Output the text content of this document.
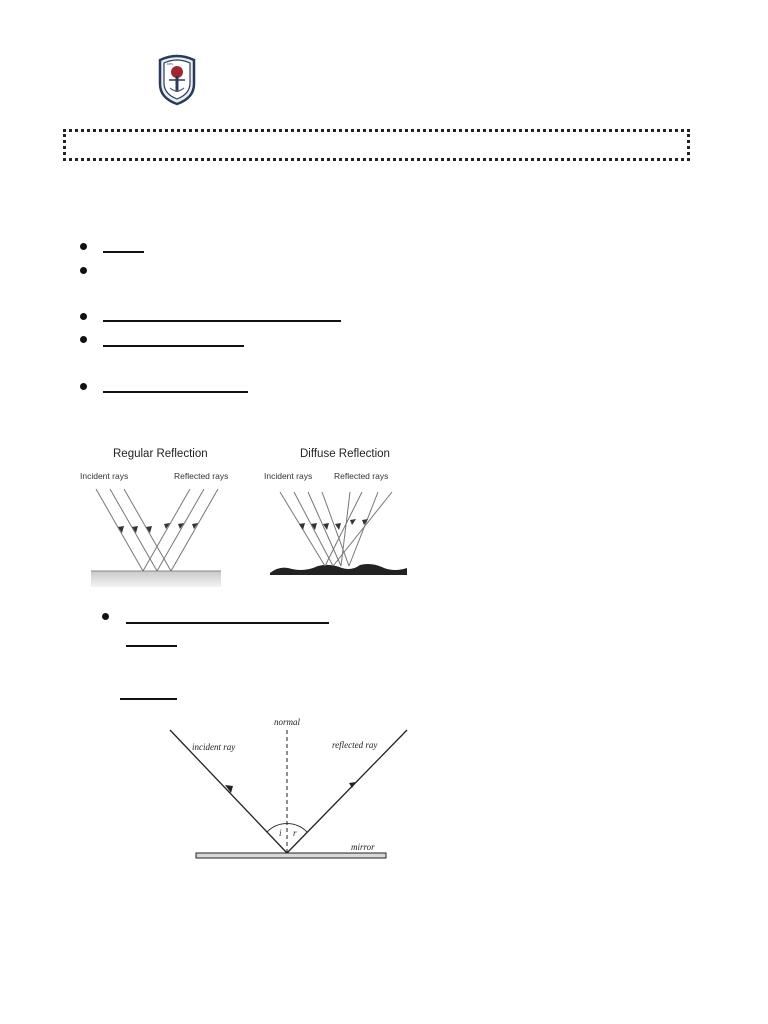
DPS
Regular Reflection
Incident rays	Reflected rays
Diffuse Reflection
Incident rays	Reflected rays
normal
incident ray	reflected ray
mirror
i r
